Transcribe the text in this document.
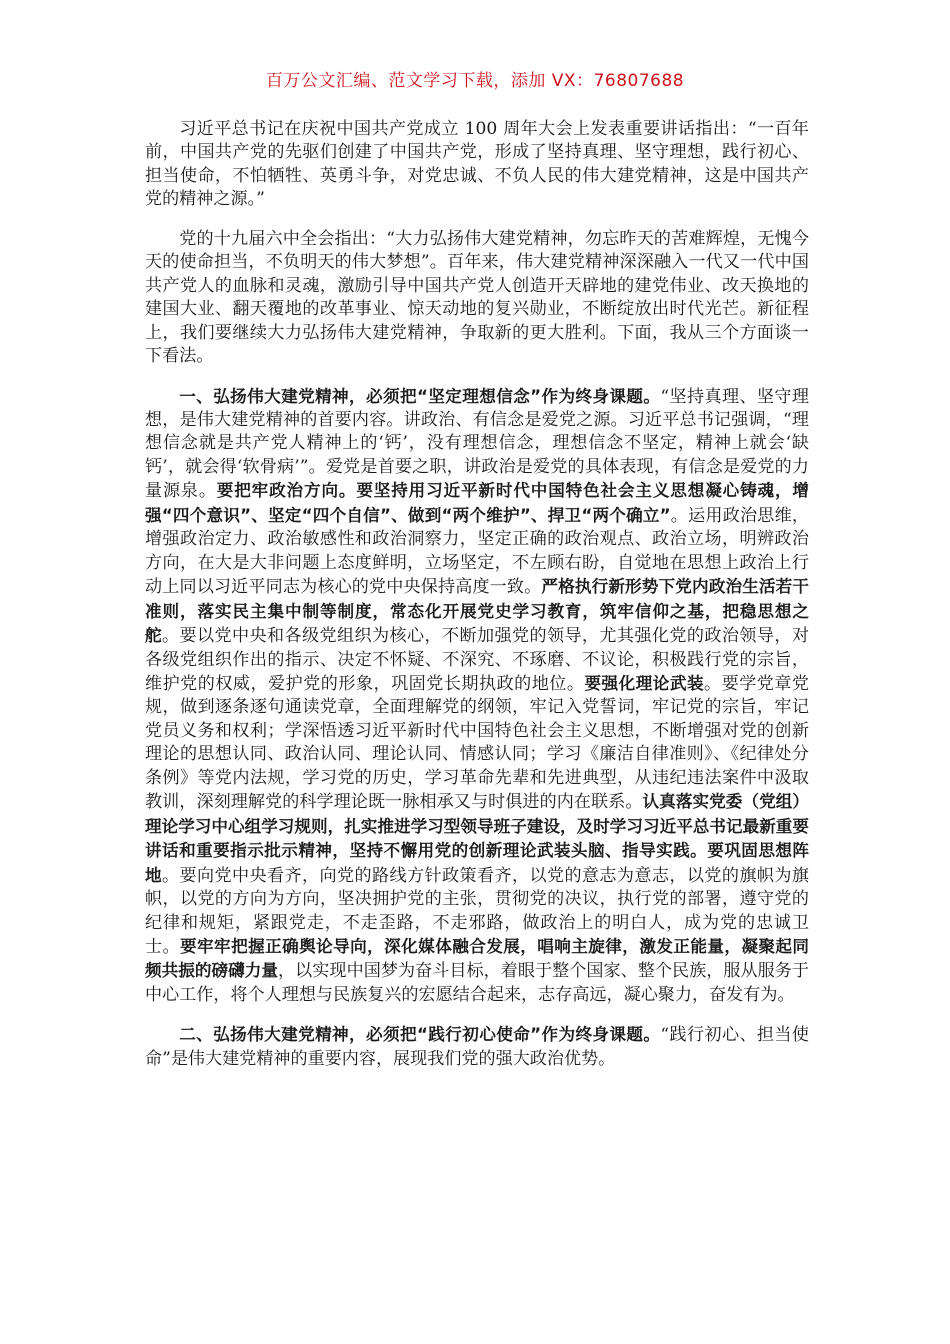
百万公文汇编、范文学习下载，添加 VX：76807688

习近平总书记在庆祝中国共产党成立 100 周年大会上发表重要讲话指出：“一百年前，中国共产党的先驱们创建了中国共产党，形成了坚持真理、坚守理想，践行初心、担当使命，不怕牺牲、英勇斗争，对党忠诚、不负人民的伟大建党精神，这是中国共产党的精神之源。”

党的十九届六中全会指出：“大力弘扬伟大建党精神，勿忘昨天的苦难辉煌，无愧今天的使命担当，不负明天的伟大梦想”。百年来，伟大建党精神深深融入一代又一代中国共产党人的血脉和灵魂，激励引导中国共产党人创造开天辟地的建党伟业、改天换地的建国大业、翻天覆地的改革事业、惊天动地的复兴勋业，不断绽放出时代光芒。新征程上，我们要继续大力弘扬伟大建党精神，争取新的更大胜利。下面，我从三个方面谈一下看法。

一、弘扬伟大建党精神，必须把“坚定理想信念”作为终身课题。“坚持真理、坚守理想，是伟大建党精神的首要内容。讲政治、有信念是爱党之源。习近平总书记强调，“理想信念就是共产党人精神上的‘钙’，没有理想信念，理想信念不坚定，精神上就会‘缺钙’，就会得‘软骨病’”。爱党是首要之职，讲政治是爱党的具体表现，有信念是爱党的力量源泉。要把牢政治方向。要坚持用习近平新时代中国特色社会主义思想凝心铸魂，增强“四个意识”、坚定“四个自信”、做到“两个维护”、捍卫“两个确立”。运用政治思维，增强政治定力、政治敏感性和政治洞察力，坚定正确的政治观点、政治立场，明辨政治方向，在大是大非问题上态度鲜明，立场坚定，不左顾右盼，自觉地在思想上政治上行动上同以习近平同志为核心的党中央保持高度一致。严格执行新形势下党内政治生活若干准则，落实民主集中制等制度，常态化开展党史学习教育，筑牢信仰之基，把稳思想之舵。要以党中央和各级党组织为核心，不断加强党的领导，尤其强化党的政治领导，对各级党组织作出的指示、决定不怀疑、不深究、不琢磨、不议论，积极践行党的宗旨，维护党的权威，爱护党的形象，巩固党长期执政的地位。要强化理论武装。要学党章党规，做到逐条逐句通读党章，全面理解党的纲领，牢记入党誓词，牢记党的宗旨，牢记党员义务和权利；学深悟透习近平新时代中国特色社会主义思想，不断增强对党的创新理论的思想认同、政治认同、理论认同、情感认同；学习《廉洁自律准则》、《纪律处分条例》等党内法规，学习党的历史，学习革命先辈和先进典型，从违纪违法案件中汲取教训，深刻理解党的科学理论既一脉相承又与时俱进的内在联系。认真落实党委（党组）理论学习中心组学习规则，扎实推进学习型领导班子建设，及时学习习近平总书记最新重要讲话和重要指示批示精神，坚持不懈用党的创新理论武装头脑、指导实践。要巩固思想阵地。要向党中央看齐，向党的路线方针政策看齐，以党的意志为意志，以党的旗帜为旗帜，以党的方向为方向，坚决拥护党的主张，贯彻党的决议，执行党的部署，遵守党的纪律和规矩，紧跟党走，不走歪路，不走邪路，做政治上的明白人，成为党的忠诚卫士。要牢牢把握正确舆论导向，深化媒体融合发展，唱响主旋律，激发正能量，凝聚起同频共振的磅礴力量，以实现中国梦为奋斗目标，着眼于整个国家、整个民族，服从服务于中心工作，将个人理想与民族复兴的宏愿结合起来，志存高远，凝心聚力，奋发有为。

二、弘扬伟大建党精神，必须把“践行初心使命”作为终身课题。“践行初心、担当使命”是伟大建党精神的重要内容，展现我们党的强大政治优势。
